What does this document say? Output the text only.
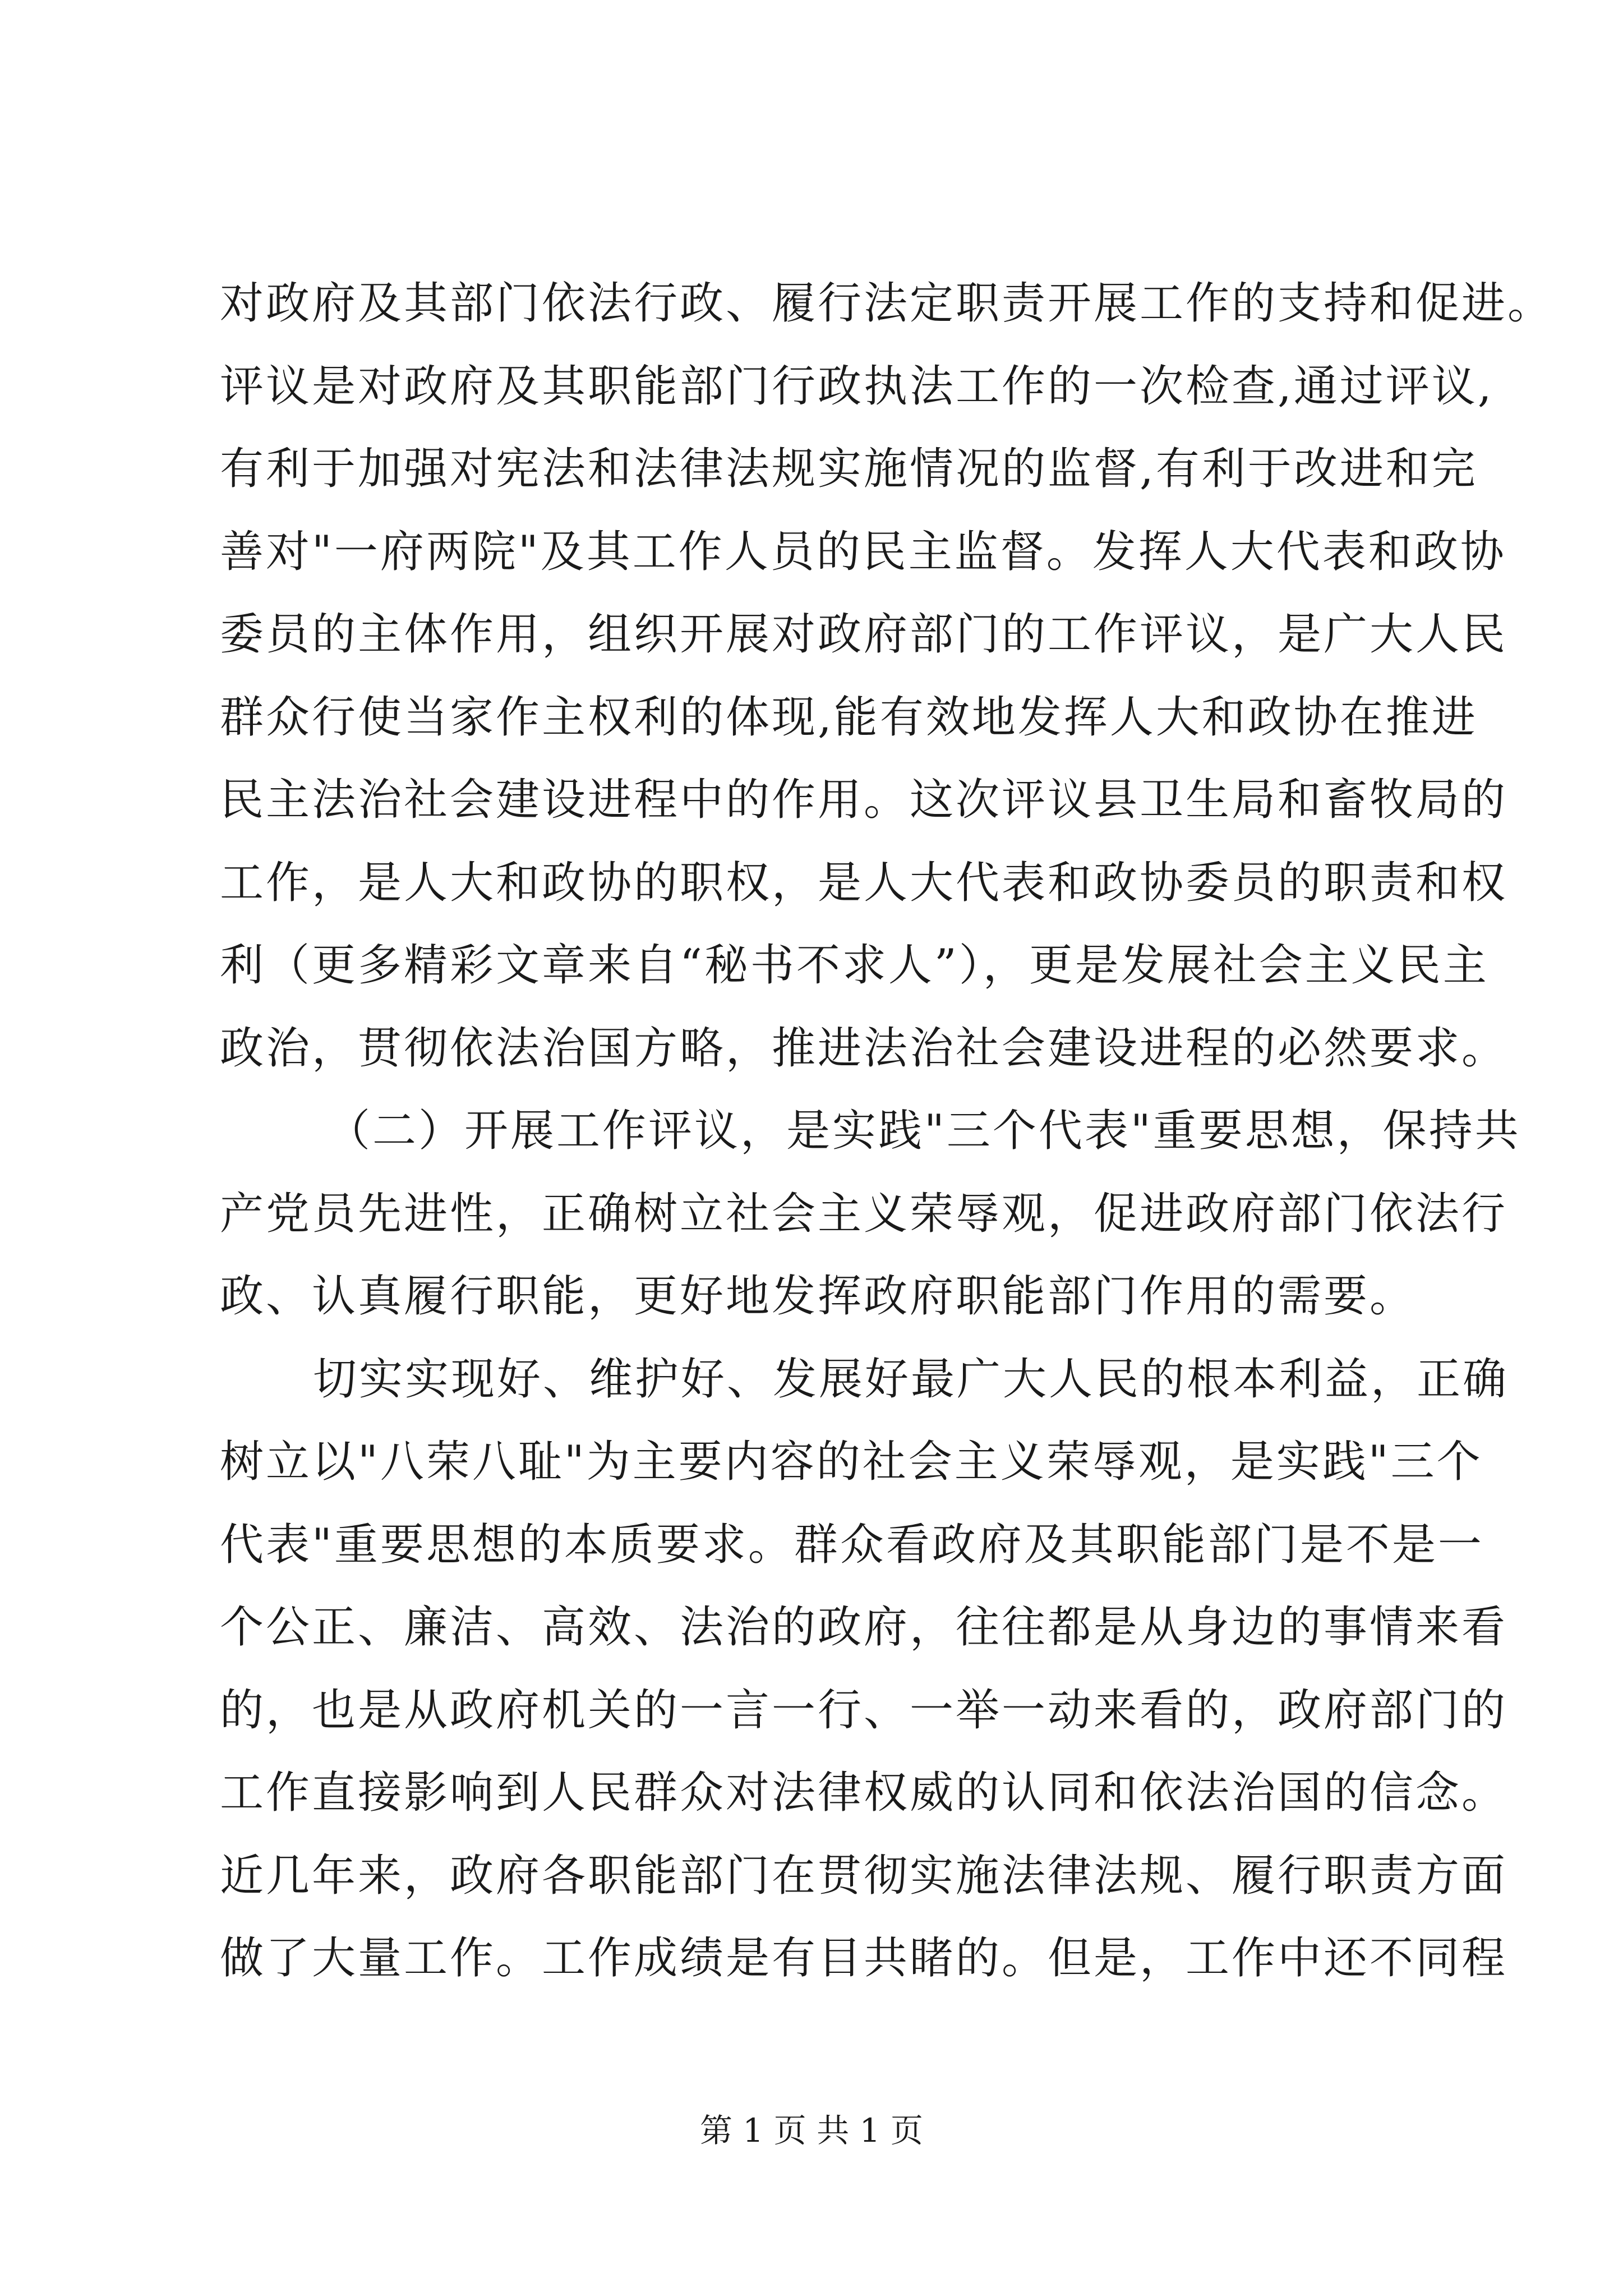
对政府及其部门依法行政、履行法定职责开展工作的支持和促进。
评议是对政府及其职能部门行政执法工作的一次检查,通过评议,
有利于加强对宪法和法律法规实施情况的监督,有利于改进和完
善对"一府两院"及其工作人员的民主监督。发挥人大代表和政协
委员的主体作用，组织开展对政府部门的工作评议，是广大人民
群众行使当家作主权利的体现,能有效地发挥人大和政协在推进
民主法治社会建设进程中的作用。这次评议县卫生局和畜牧局的
工作，是人大和政协的职权，是人大代表和政协委员的职责和权
利（更多精彩文章来自“秘书不求人”），更是发展社会主义民主
政治，贯彻依法治国方略，推进法治社会建设进程的必然要求。
（二）开展工作评议，是实践"三个代表"重要思想，保持共
产党员先进性，正确树立社会主义荣辱观，促进政府部门依法行
政、认真履行职能，更好地发挥政府职能部门作用的需要。
切实实现好、维护好、发展好最广大人民的根本利益，正确
树立以"八荣八耻"为主要内容的社会主义荣辱观，是实践"三个
代表"重要思想的本质要求。群众看政府及其职能部门是不是一
个公正、廉洁、高效、法治的政府，往往都是从身边的事情来看
的，也是从政府机关的一言一行、一举一动来看的，政府部门的
工作直接影响到人民群众对法律权威的认同和依法治国的信念。
近几年来，政府各职能部门在贯彻实施法律法规、履行职责方面
做了大量工作。工作成绩是有目共睹的。但是，工作中还不同程
第 1 页 共 1 页
